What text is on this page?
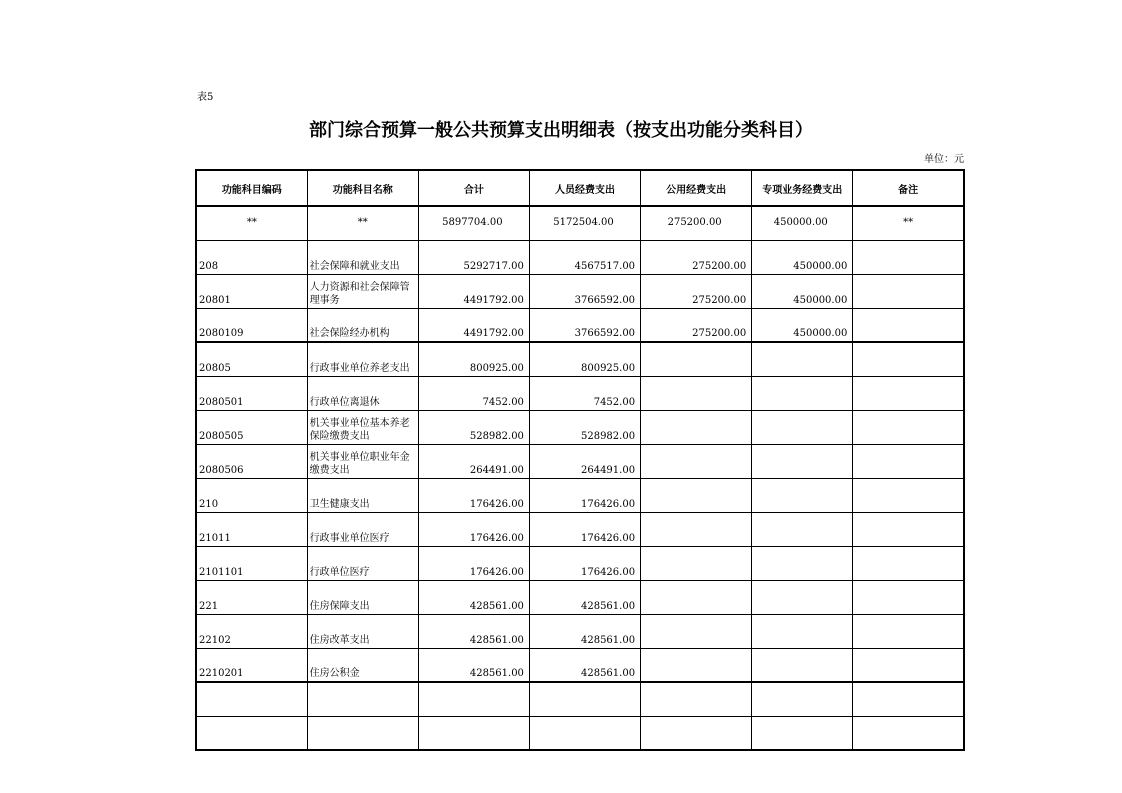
表5
部门综合预算一般公共预算支出明细表（按支出功能分类科目）
单位：元
功能科目编码	功能科目名称	合计	人员经费支出	公用经费支出	专项业务经费支出	备注
**	**	5897704.00	5172504.00	275200.00	450000.00	**
208	社会保障和就业支出	5292717.00	4567517.00	275200.00	450000.00	
20801	人力资源和社会保障管理事务	4491792.00	3766592.00	275200.00	450000.00	
2080109	社会保险经办机构	4491792.00	3766592.00	275200.00	450000.00	
20805	行政事业单位养老支出	800925.00	800925.00			
2080501	行政单位离退休	7452.00	7452.00			
2080505	机关事业单位基本养老保险缴费支出	528982.00	528982.00			
2080506	机关事业单位职业年金缴费支出	264491.00	264491.00			
210	卫生健康支出	176426.00	176426.00			
21011	行政事业单位医疗	176426.00	176426.00			
2101101	行政单位医疗	176426.00	176426.00			
221	住房保障支出	428561.00	428561.00			
22102	住房改革支出	428561.00	428561.00			
2210201	住房公积金	428561.00	428561.00			
